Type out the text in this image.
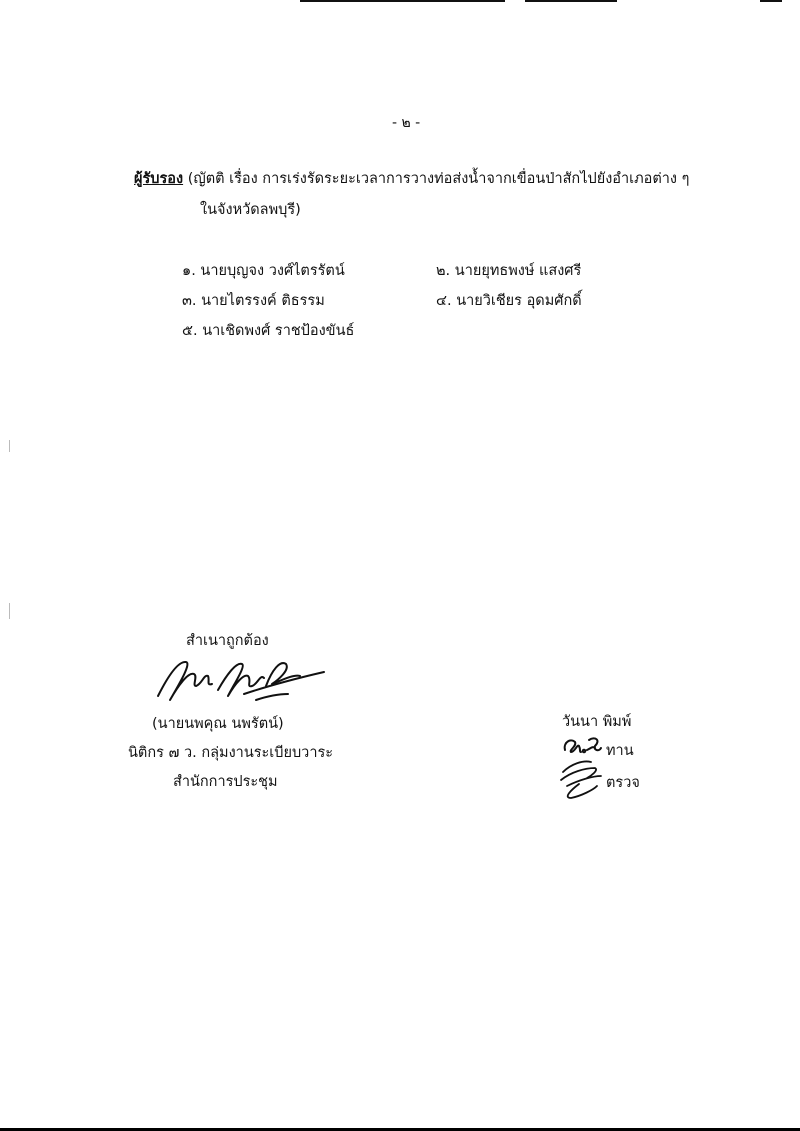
- ๒ -
ผู้รับรอง (ญัตติ เรื่อง การเร่งรัดระยะเวลาการวางท่อส่งน้ำจากเขื่อนป่าสักไปยังอำเภอต่าง ๆ
ในจังหวัดลพบุรี)
๑. นายบุญจง วงศ์ไตรรัตน์	๒. นายยุทธพงษ์ แสงศรี
๓. นายไตรรงค์ ติธรรม	๔. นายวิเชียร อุดมศักดิ์
๕. นาเชิดพงศ์ ราชป้องขันธ์
สำเนาถูกต้อง
(นายนพคุณ นพรัตน์)
นิติกร ๗ ว. กลุ่มงานระเบียบวาระ
สำนักการประชุม
วันนา พิมพ์
ทาน
ตรวจ
